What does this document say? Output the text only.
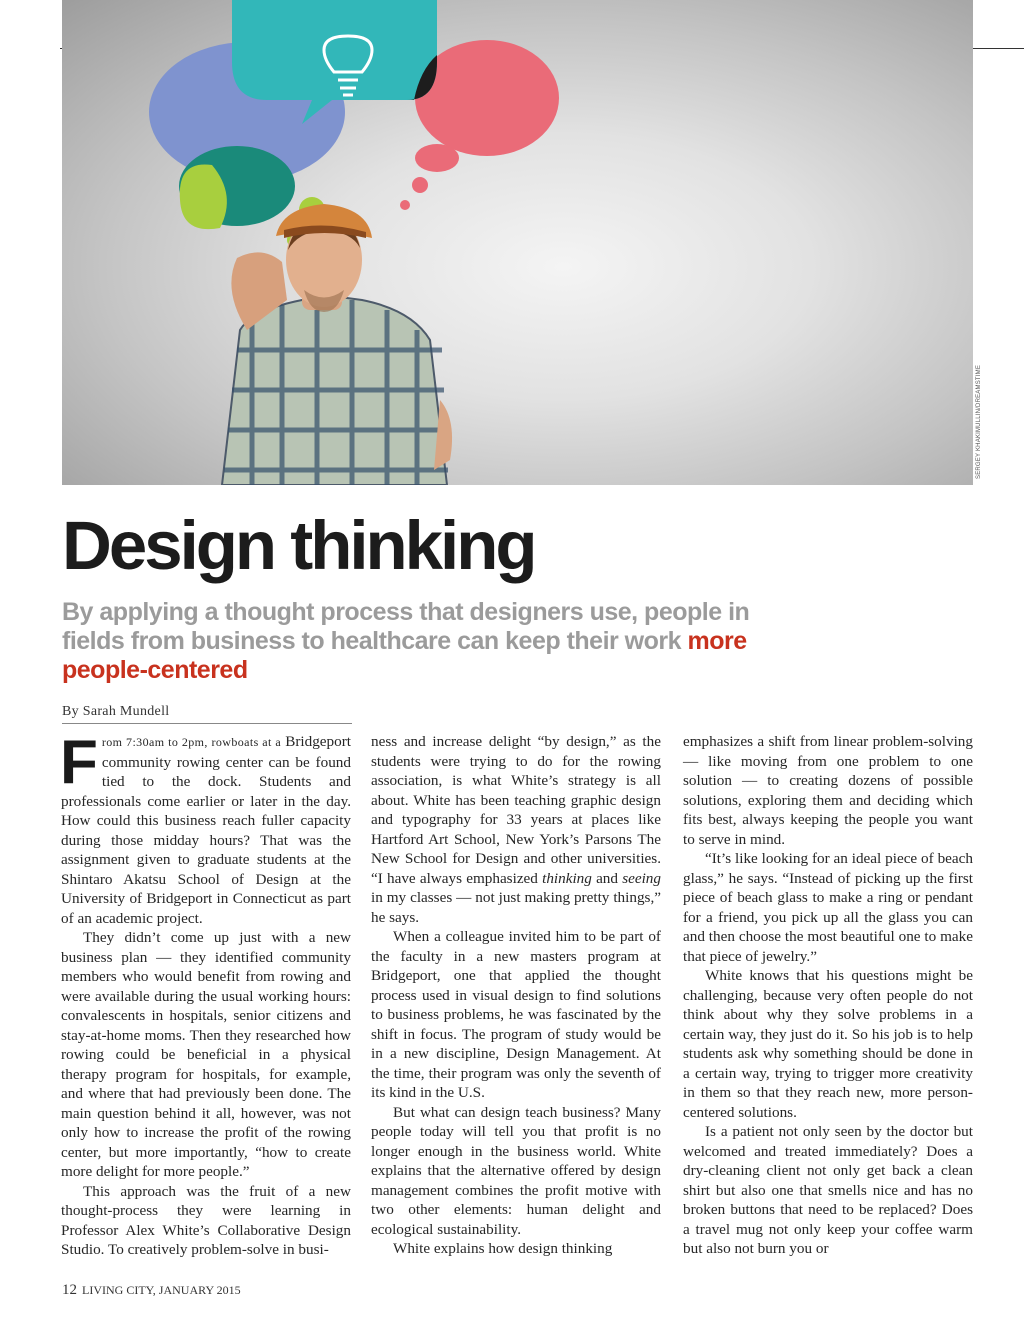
SERGEY KHAKIMULLIN/DREAMSTIME
Design thinking

By applying a thought process that designers use, people in fields from business to healthcare can keep their work more people-centered

By Sarah Mundell

From 7:30am to 2pm, rowboats at a Bridgeport community rowing center can be found tied to the dock. Students and professionals come earlier or later in the day. How could this business reach fuller capacity during those midday hours? That was the assignment given to graduate students at the Shintaro Akatsu School of Design at the University of Bridgeport in Connecticut as part of an academic project.

They didn’t come up just with a new business plan — they identified community members who would benefit from rowing and were available during the usual working hours: convalescents in hospitals, senior citizens and stay-at-home moms. Then they researched how rowing could be beneficial in a physical therapy program for hospitals, for example, and where that had previously been done. The main question behind it all, however, was not only how to increase the profit of the rowing center, but more importantly, “how to create more delight for more people.”

This approach was the fruit of a new thought-process they were learning in Professor Alex White’s Collaborative Design Studio. To creatively problem-solve in busi-

ness and increase delight “by design,” as the students were trying to do for the rowing association, is what White’s strategy is all about. White has been teaching graphic design and typography for 33 years at places like Hartford Art School, New York’s Parsons The New School for Design and other universities. “I have always emphasized thinking and seeing in my classes — not just making pretty things,” he says.

When a colleague invited him to be part of the faculty in a new masters program at Bridgeport, one that applied the thought process used in visual design to find solutions to business problems, he was fascinated by the shift in focus. The program of study would be in a new discipline, Design Management. At the time, their program was only the seventh of its kind in the U.S.

But what can design teach business? Many people today will tell you that profit is no longer enough in the business world. White explains that the alternative offered by design management combines the profit motive with two other elements: human delight and ecological sustainability.

White explains how design thinking

emphasizes a shift from linear problem-solving — like moving from one problem to one solution — to creating dozens of possible solutions, exploring them and deciding which fits best, always keeping the people you want to serve in mind.

“It’s like looking for an ideal piece of beach glass,” he says. “Instead of picking up the first piece of beach glass to make a ring or pendant for a friend, you pick up all the glass you can and then choose the most beautiful one to make that piece of jewelry.”

White knows that his questions might be challenging, because very often people do not think about why they solve problems in a certain way, they just do it. So his job is to help students ask why something should be done in a certain way, trying to trigger more creativity in them so that they reach new, more person-centered solutions.

Is a patient not only seen by the doctor but welcomed and treated immediately? Does a dry-cleaning client not only get back a clean shirt but also one that smells nice and has no broken buttons that need to be replaced? Does a travel mug not only keep your coffee warm but also not burn you or

12 LIVING CITY, JANUARY 2015
